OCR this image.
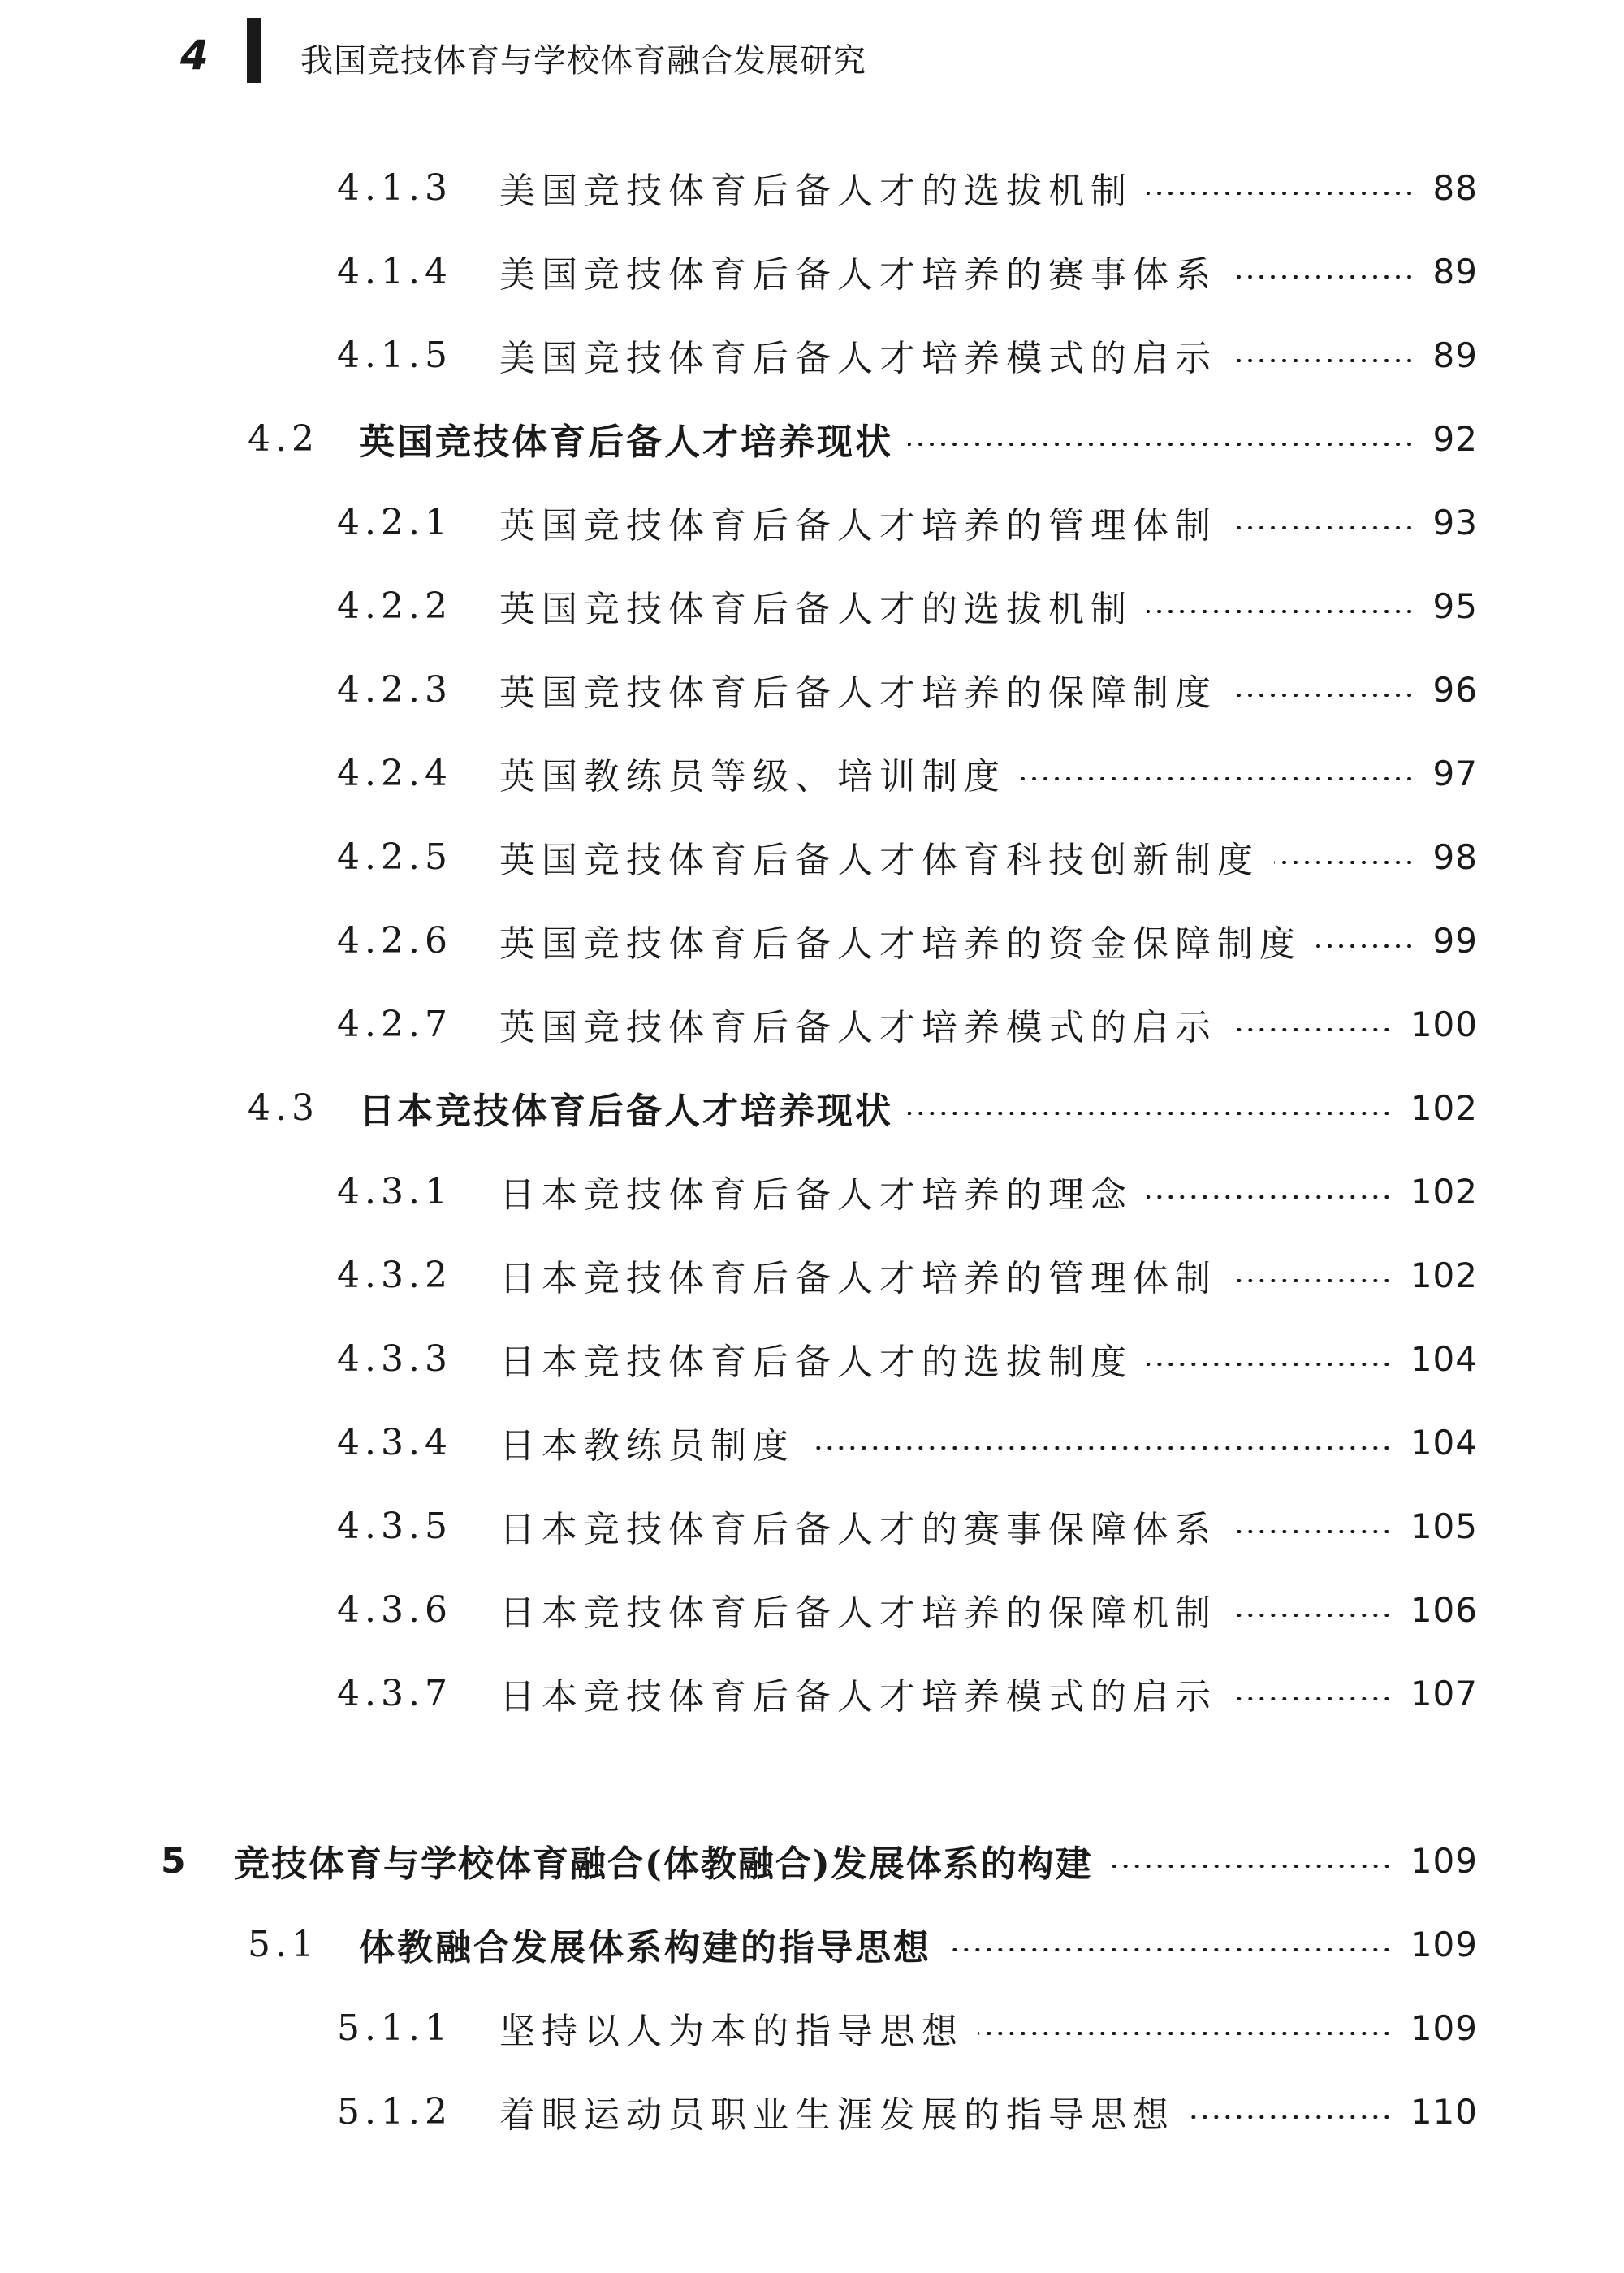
4	我国竞技体育与学校体育融合发展研究
4.1.3	美国竞技体育后备人才的选拔机制	88
4.1.4	美国竞技体育后备人才培养的赛事体系	89
4.1.5	美国竞技体育后备人才培养模式的启示	89
4.2	英国竞技体育后备人才培养现状	92
4.2.1	英国竞技体育后备人才培养的管理体制	93
4.2.2	英国竞技体育后备人才的选拔机制	95
4.2.3	英国竞技体育后备人才培养的保障制度	96
4.2.4	英国教练员等级、培训制度	97
4.2.5	英国竞技体育后备人才体育科技创新制度	98
4.2.6	英国竞技体育后备人才培养的资金保障制度	99
4.2.7	英国竞技体育后备人才培养模式的启示	100
4.3	日本竞技体育后备人才培养现状	102
4.3.1	日本竞技体育后备人才培养的理念	102
4.3.2	日本竞技体育后备人才培养的管理体制	102
4.3.3	日本竞技体育后备人才的选拔制度	104
4.3.4	日本教练员制度	104
4.3.5	日本竞技体育后备人才的赛事保障体系	105
4.3.6	日本竞技体育后备人才培养的保障机制	106
4.3.7	日本竞技体育后备人才培养模式的启示	107
5	竞技体育与学校体育融合(体教融合)发展体系的构建	109
5.1	体教融合发展体系构建的指导思想	109
5.1.1	坚持以人为本的指导思想	109
5.1.2	着眼运动员职业生涯发展的指导思想	110
